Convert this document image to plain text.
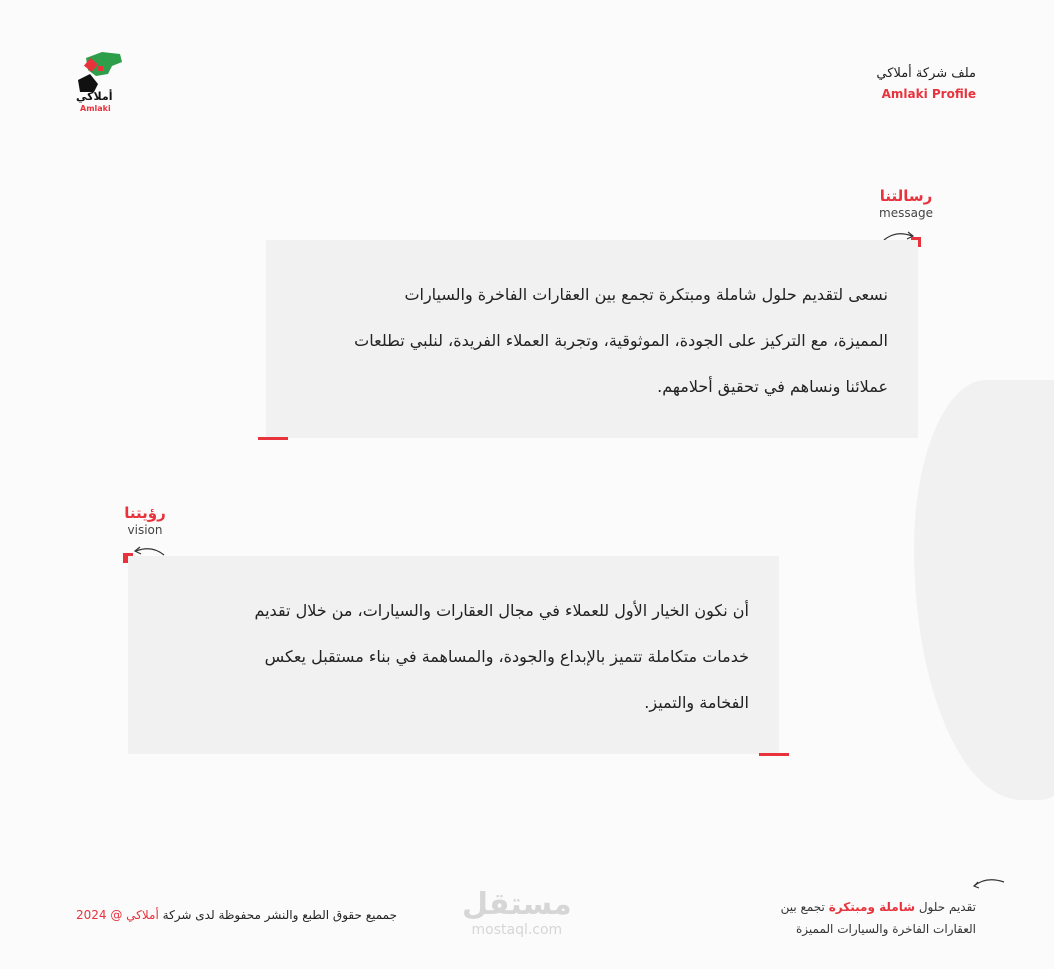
أملاكي
Amlaki
ملف شركة أملاكي
Amlaki Profile
رسالتنا
message

نسعى لتقديم حلول شاملة ومبتكرة تجمع بين العقارات الفاخرة والسيارات

المميزة، مع التركيز على الجودة، الموثوقية، وتجربة العملاء الفريدة، لنلبي تطلعات

عملائنا ونساهم في تحقيق أحلامهم.

رؤيتنا
vision

أن نكون الخيار الأول للعملاء في مجال العقارات والسيارات، من خلال تقديم

خدمات متكاملة تتميز بالإبداع والجودة، والمساهمة في بناء مستقبل يعكس

الفخامة والتميز.

تقديم حلول شاملة ومبتكرة تجمع بين
العقارات الفاخرة والسيارات المميزة
مستقل
mostaql.com
جمميع حقوق الطبع والنشر محفوظة لدى شركة أملاكي @ 2024
